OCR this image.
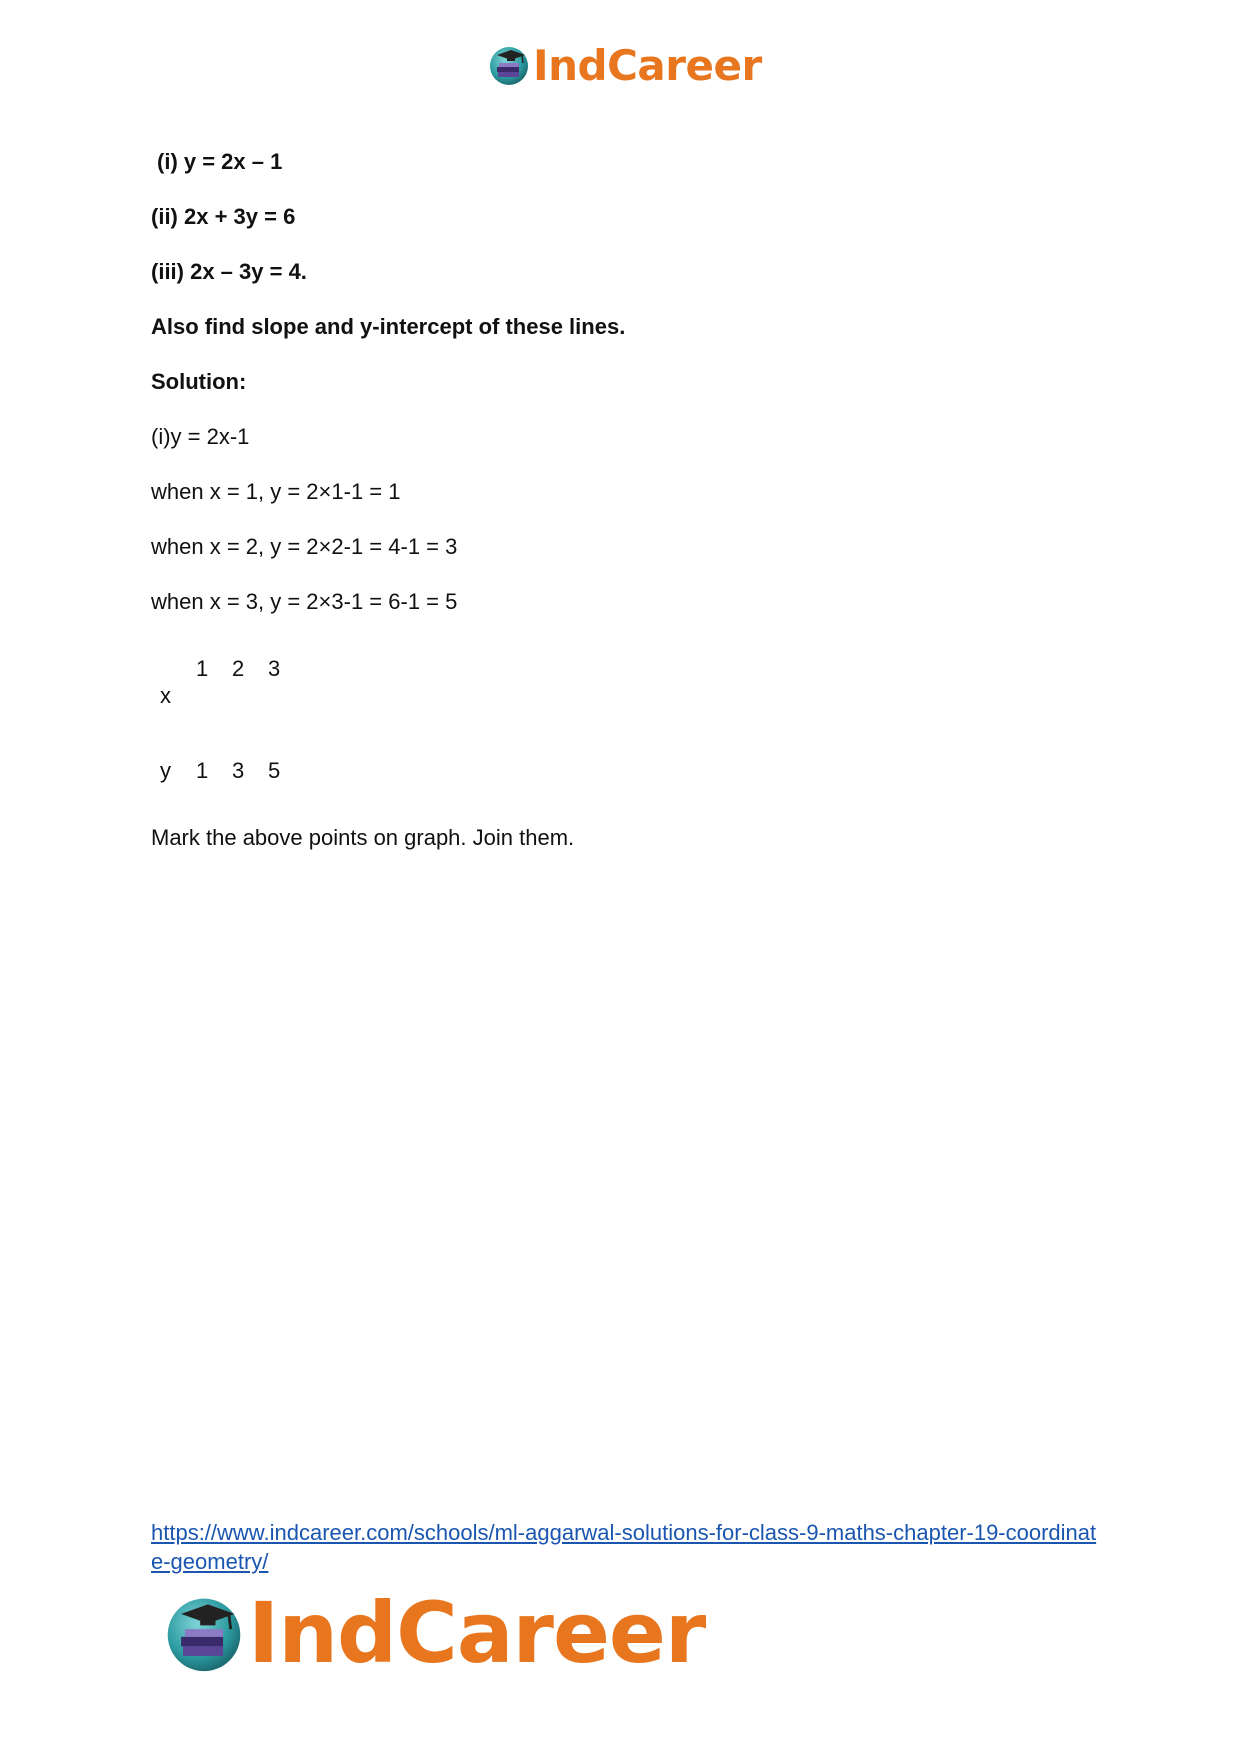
IndCareer
(i) y = 2x – 1
(ii) 2x + 3y = 6
(iii) 2x – 3y = 4.
Also find slope and y-intercept of these lines.
Solution:
(i)y = 2x-1
when x = 1, y = 2×1-1 = 1
when x = 2, y = 2×2-1 = 4-1 = 3
when x = 3, y = 2×3-1 = 6-1 = 5
x
1 2 3
y 1 3 5
Mark the above points on graph. Join them.
https://www.indcareer.com/schools/ml-aggarwal-solutions-for-class-9-maths-chapter-19-coordinate-geometry/
IndCareer
